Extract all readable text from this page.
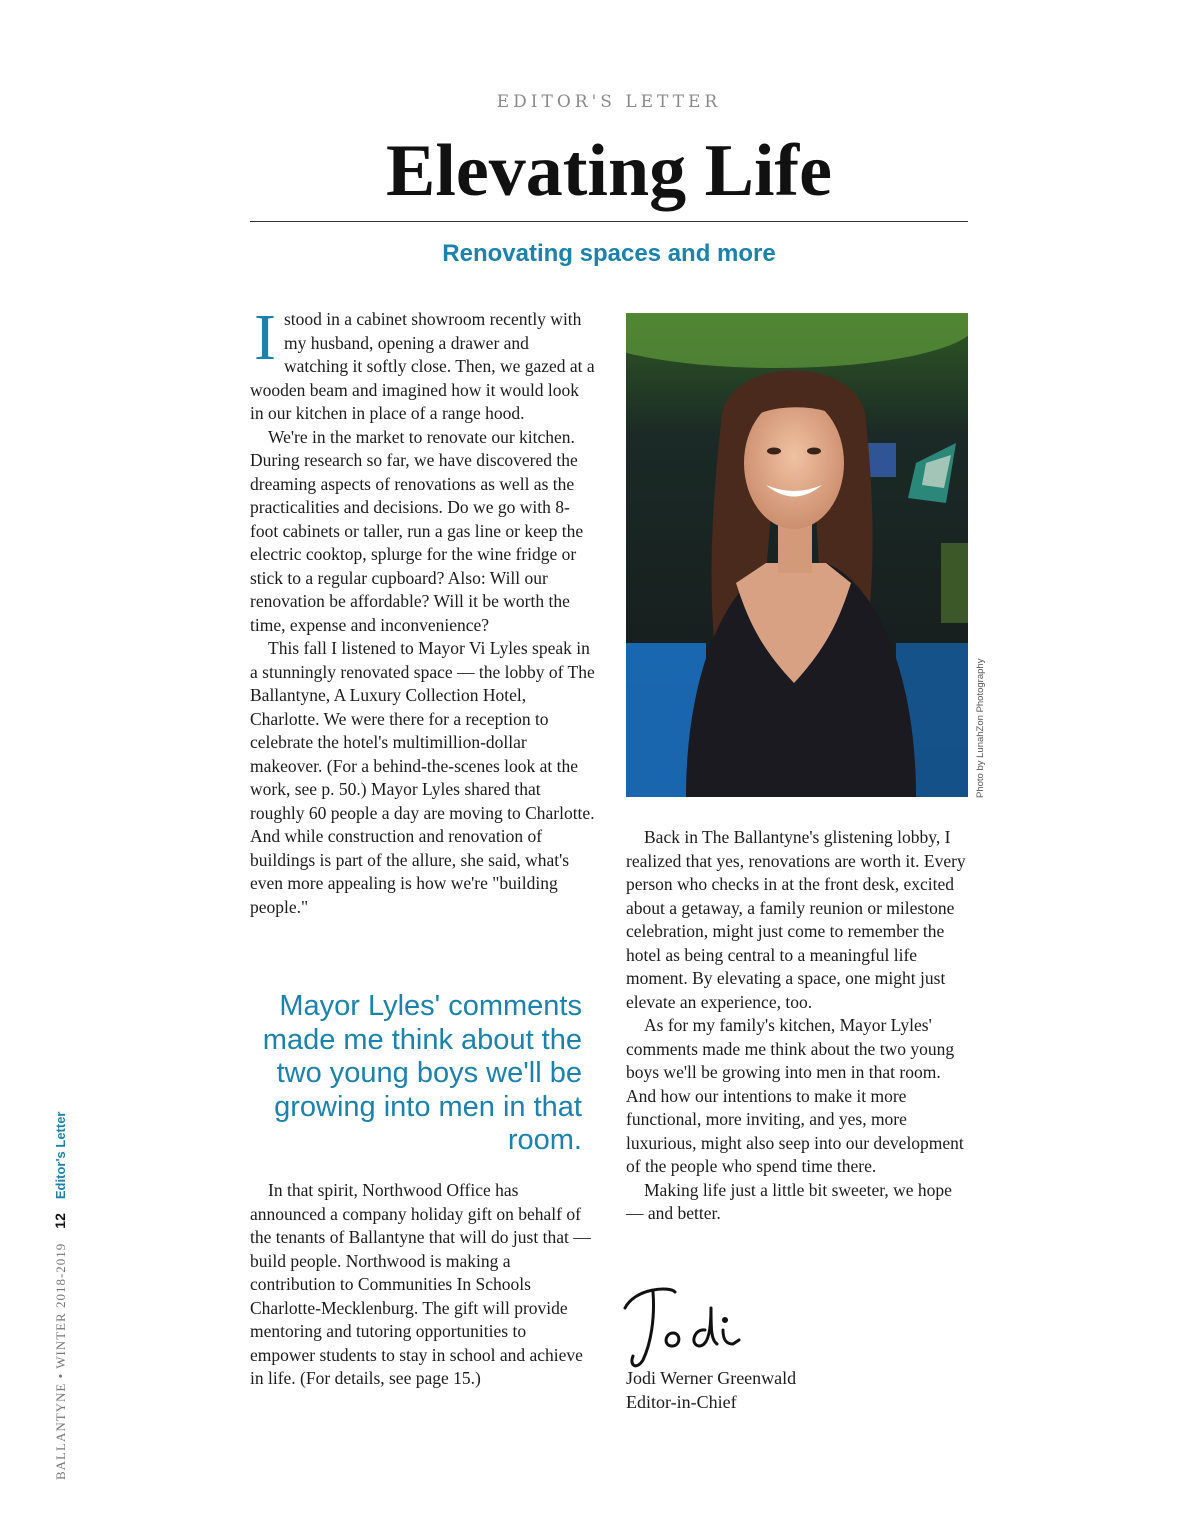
EDITOR'S LETTER
Elevating Life
Renovating spaces and more

Istood in a cabinet showroom recently with my husband, opening a drawer and watching it softly close. Then, we gazed at a wooden beam and imagined how it would look in our kitchen in place of a range hood.

We're in the market to renovate our kitchen. During research so far, we have discovered the dreaming aspects of renovations as well as the practicalities and decisions. Do we go with 8-foot cabinets or taller, run a gas line or keep the electric cooktop, splurge for the wine fridge or stick to a regular cupboard? Also: Will our renovation be affordable? Will it be worth the time, expense and inconvenience?

This fall I listened to Mayor Vi Lyles speak in a stunningly renovated space — the lobby of The Ballantyne, A Luxury Collection Hotel, Charlotte. We were there for a reception to celebrate the hotel's multimillion-dollar makeover. (For a behind-the-scenes look at the work, see p. 50.) Mayor Lyles shared that roughly 60 people a day are moving to Charlotte. And while construction and renovation of buildings is part of the allure, she said, what's even more appealing is how we're "building people."

Mayor Lyles' comments made me think about the two young boys we'll be growing into men in that room.

In that spirit, Northwood Office has announced a company holiday gift on behalf of the tenants of Ballantyne that will do just that — build people. Northwood is making a contribution to Communities In Schools Charlotte-Mecklenburg. The gift will provide mentoring and tutoring opportunities to empower students to stay in school and achieve in life. (For details, see page 15.)

Photo by LunahZon Photography

Back in The Ballantyne's glistening lobby, I realized that yes, renovations are worth it. Every person who checks in at the front desk, excited about a getaway, a family reunion or milestone celebration, might just come to remember the hotel as being central to a meaningful life moment. By elevating a space, one might just elevate an experience, too.

As for my family's kitchen, Mayor Lyles' comments made me think about the two young boys we'll be growing into men in that room. And how our intentions to make it more functional, more inviting, and yes, more luxurious, might also seep into our development of the people who spend time there.

Making life just a little bit sweeter, we hope — and better.

Jodi Werner Greenwald
Editor-in-Chief
BALLANTYNE • WINTER 2018-201912Editor's Letter
